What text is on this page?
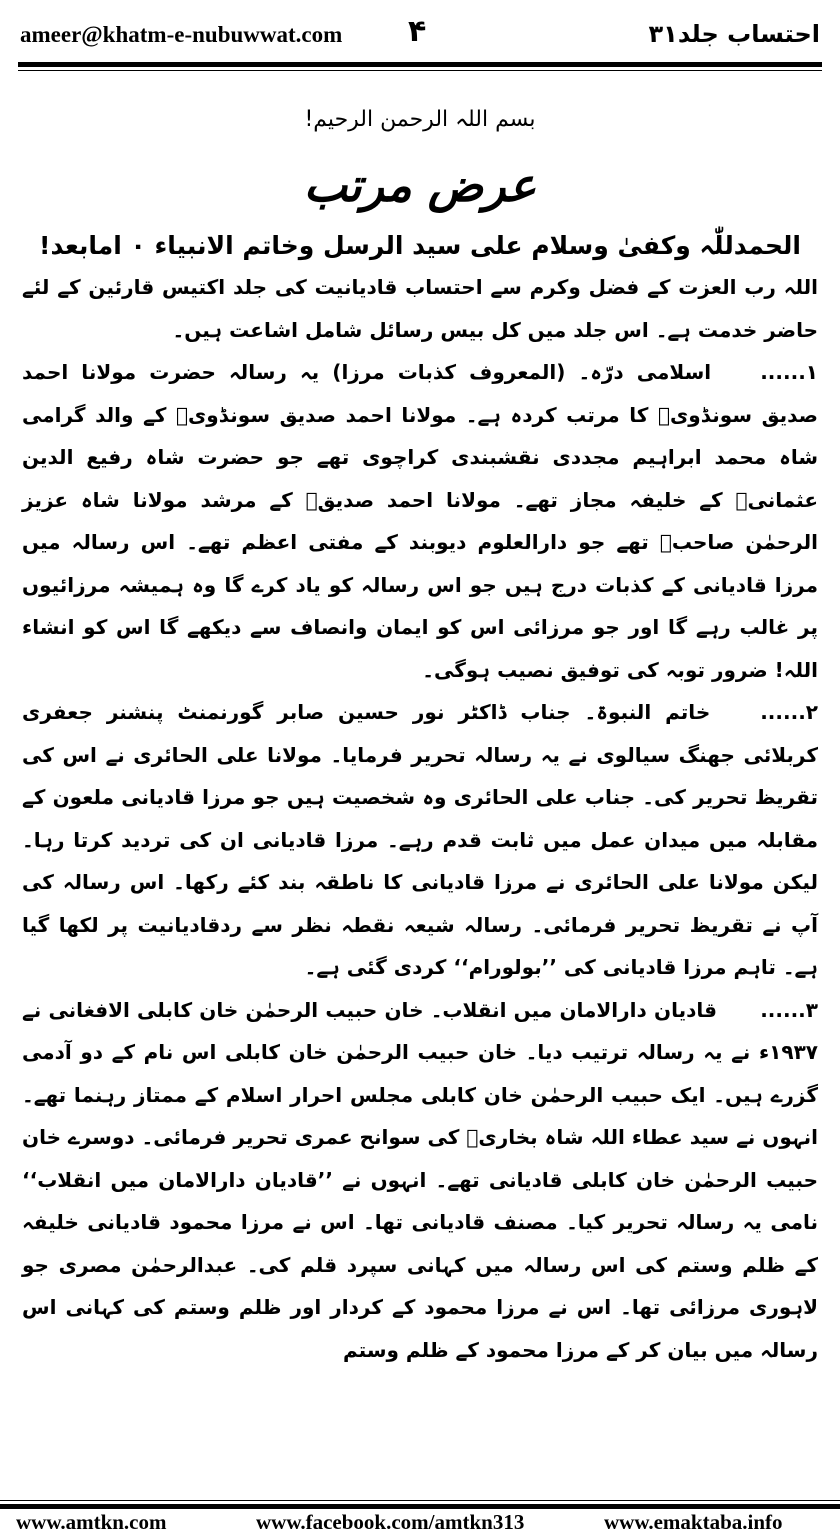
ameer@khatm-e-nubuwwat.com ۴	احتساب جلد۳۱
بسم اللہ الرحمن الرحیم!
عرض مرتب
الحمدللّٰہ وکفیٰ وسلام علی سید الرسل وخاتم الانبیاء ۰ امابعد!

اللہ رب العزت کے فضل وکرم سے احتساب قادیانیت کی جلد اکتیس قارئین کے لئے حاضر خدمت ہے۔ اس جلد میں کل بیس رسائل شامل اشاعت ہیں۔

۱...... اسلامی درّہ۔ (المعروف کذبات مرزا) یہ رسالہ حضرت مولانا احمد صدیق سونڈویؒ کا مرتب کردہ ہے۔ مولانا احمد صدیق سونڈویؒ کے والد گرامی شاہ محمد ابراہیم مجددی نقشبندی کراچوی تھے جو حضرت شاہ رفیع الدین عثمانیؒ کے خلیفہ مجاز تھے۔ مولانا احمد صدیقؒ کے مرشد مولانا شاہ عزیز الرحمٰن صاحبؒ تھے جو دارالعلوم دیوبند کے مفتی اعظم تھے۔ اس رسالہ میں مرزا قادیانی کے کذبات درج ہیں جو اس رسالہ کو یاد کرے گا وہ ہمیشہ مرزائیوں پر غالب رہے گا اور جو مرزائی اس کو ایمان وانصاف سے دیکھے گا اس کو انشاء اللہ! ضرور توبہ کی توفیق نصیب ہوگی۔

۲...... خاتم النبوۃ۔ جناب ڈاکٹر نور حسین صابر گورنمنٹ پنشنر جعفری کربلائی جھنگ سیالوی نے یہ رسالہ تحریر فرمایا۔ مولانا علی الحائری نے اس کی تقریظ تحریر کی۔ جناب علی الحائری وہ شخصیت ہیں جو مرزا قادیانی ملعون کے مقابلہ میں میدان عمل میں ثابت قدم رہے۔ مرزا قادیانی ان کی تردید کرتا رہا۔ لیکن مولانا علی الحائری نے مرزا قادیانی کا ناطقہ بند کئے رکھا۔ اس رسالہ کی آپ نے تقریظ تحریر فرمائی۔ رسالہ شیعہ نقطہ نظر سے ردقادیانیت پر لکھا گیا ہے۔ تاہم مرزا قادیانی کی ’’بولورام‘‘ کردی گئی ہے۔

۳...... قادیان دارالامان میں انقلاب۔ خان حبیب الرحمٰن خان کابلی الافغانی نے ۱۹۳۷ء نے یہ رسالہ ترتیب دیا۔ خان حبیب الرحمٰن خان کابلی اس نام کے دو آدمی گزرے ہیں۔ ایک حبیب الرحمٰن خان کابلی مجلس احرار اسلام کے ممتاز رہنما تھے۔ انہوں نے سید عطاء اللہ شاہ بخاریؒ کی سوانح عمری تحریر فرمائی۔ دوسرے خان حبیب الرحمٰن خان کابلی قادیانی تھے۔ انہوں نے ’’قادیان دارالامان میں انقلاب‘‘ نامی یہ رسالہ تحریر کیا۔ مصنف قادیانی تھا۔ اس نے مرزا محمود قادیانی خلیفہ کے ظلم وستم کی اس رسالہ میں کہانی سپرد قلم کی۔ عبدالرحمٰن مصری جو لاہوری مرزائی تھا۔ اس نے مرزا محمود کے کردار اور ظلم وستم کی کہانی اس رسالہ میں بیان کر کے مرزا محمود کے ظلم وستم

www.amtkn.com	www.facebook.com/amtkn313	www.emaktaba.info
